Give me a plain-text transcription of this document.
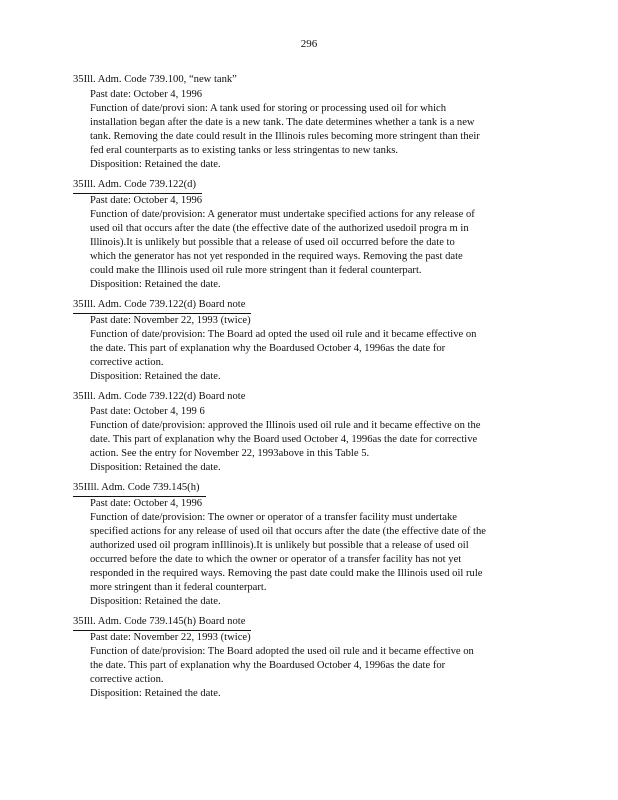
296
35Ill. Adm. Code 739.100, “new tank”
Past date: October 4, 1996
Function of date/provi sion: A tank used for storing or processing used oil for which
installation began after the date is a new tank. The date determines whether a tank is a new
tank. Removing the date could result in the Illinois rules becoming more stringent than their
fed eral counterparts as to existing tanks or less stringentas to new tanks.
Disposition: Retained the date.
35Ill. Adm. Code 739.122(d)
Past date: October 4, 1996
Function of date/provision: A generator must undertake specified actions for any release of
used oil that occurs after the date (the effective date of the authorized usedoil progra m in
Illinois).It is unlikely but possible that a release of used oil occurred before the date to
which the generator has not yet responded in the required ways. Removing the past date
could make the Illinois used oil rule more stringent than it federal counterpart.
Disposition: Retained the date.
35Ill. Adm. Code 739.122(d) Board note
Past date: November 22, 1993 (twice)
Function of date/provision: The Board ad opted the used oil rule and it became effective on
the date. This part of explanation why the Boardused October 4, 1996as the date for
corrective action.
Disposition: Retained the date.
35Ill. Adm. Code 739.122(d) Board note
Past date: October 4, 199 6
Function of date/provision: approved the Illinois used oil rule and it became effective on the
date. This part of explanation why the Board used October 4, 1996as the date for corrective
action. See the entry for November 22, 1993above in this Table 5.
Disposition: Retained the date.
35IIll. Adm. Code 739.145(h)
Past date: October 4, 1996
Function of date/provision: The owner or operator of a transfer facility must undertake
specified actions for any release of used oil that occurs after the date (the effective date of the
authorized used oil program inIllinois).It is unlikely but possible that a release of used oil
occurred before the date to which the owner or operator of a transfer facility has not yet
responded in the required ways. Removing the past date could make the Illinois used oil rule
more stringent than it federal counterpart.
Disposition: Retained the date.
35Ill. Adm. Code 739.145(h) Board note
Past date: November 22, 1993 (twice)
Function of date/provision: The Board adopted the used oil rule and it became effective on
the date. This part of explanation why the Boardused October 4, 1996as the date for
corrective action.
Disposition: Retained the date.
